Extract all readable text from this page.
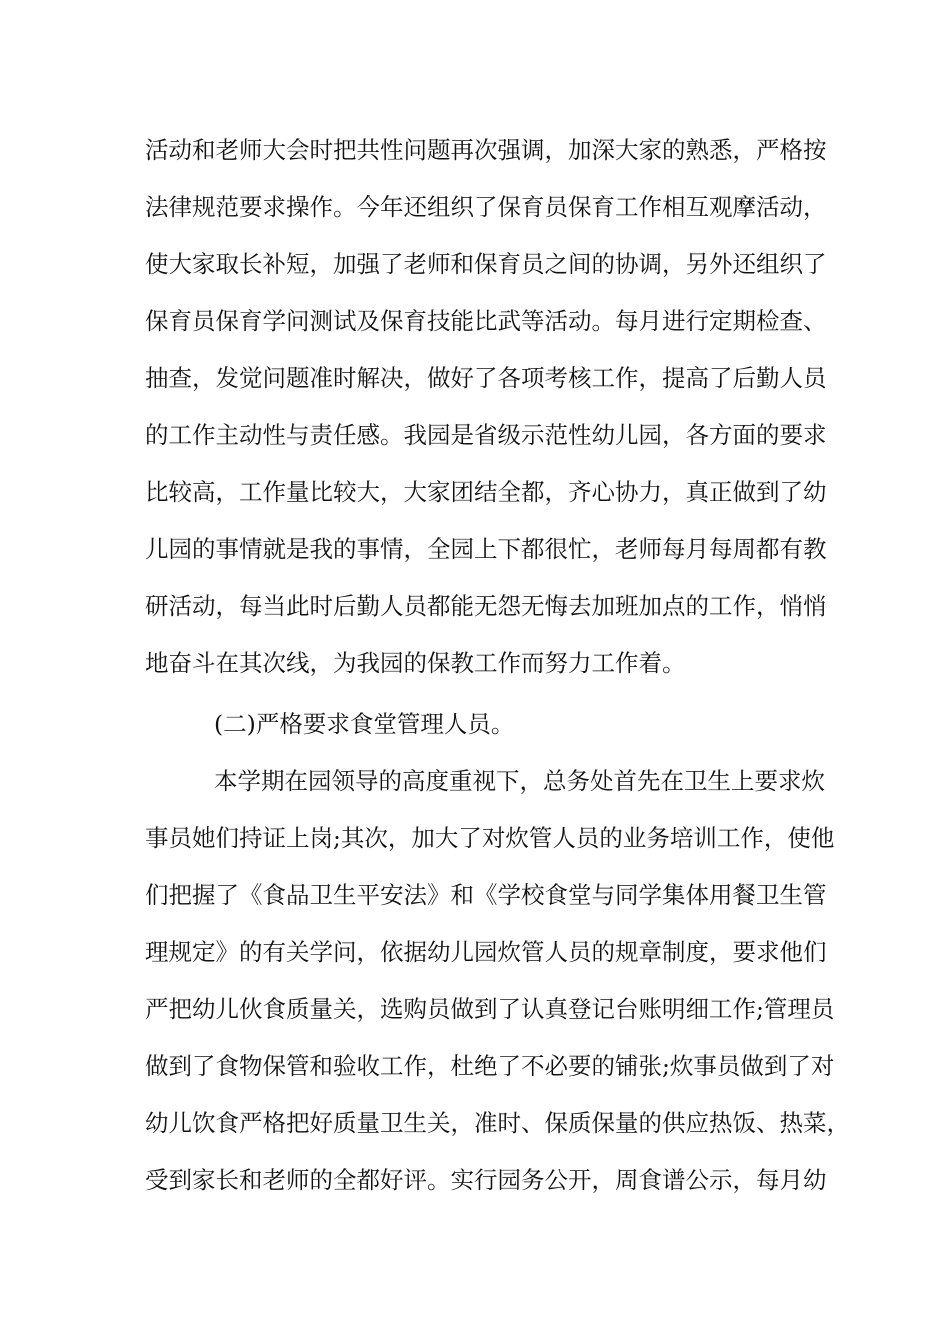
活动和老师大会时把共性问题再次强调，加深大家的熟悉，严格按
法律规范要求操作。今年还组织了保育员保育工作相互观摩活动，
使大家取长补短，加强了老师和保育员之间的协调，另外还组织了
保育员保育学问测试及保育技能比武等活动。每月进行定期检查、
抽查，发觉问题准时解决，做好了各项考核工作，提高了后勤人员
的工作主动性与责任感。我园是省级示范性幼儿园，各方面的要求
比较高，工作量比较大，大家团结全都，齐心协力，真正做到了幼
儿园的事情就是我的事情，全园上下都很忙，老师每月每周都有教
研活动，每当此时后勤人员都能无怨无悔去加班加点的工作，悄悄
地奋斗在其次线，为我园的保教工作而努力工作着。
(二)严格要求食堂管理人员。
本学期在园领导的高度重视下，总务处首先在卫生上要求炊
事员她们持证上岗;其次，加大了对炊管人员的业务培训工作，使他
们把握了《食品卫生平安法》和《学校食堂与同学集体用餐卫生管
理规定》的有关学问，依据幼儿园炊管人员的规章制度，要求他们
严把幼儿伙食质量关，选购员做到了认真登记台账明细工作;管理员
做到了食物保管和验收工作，杜绝了不必要的铺张;炊事员做到了对
幼儿饮食严格把好质量卫生关，准时、保质保量的供应热饭、热菜，
受到家长和老师的全都好评。实行园务公开，周食谱公示，每月幼
